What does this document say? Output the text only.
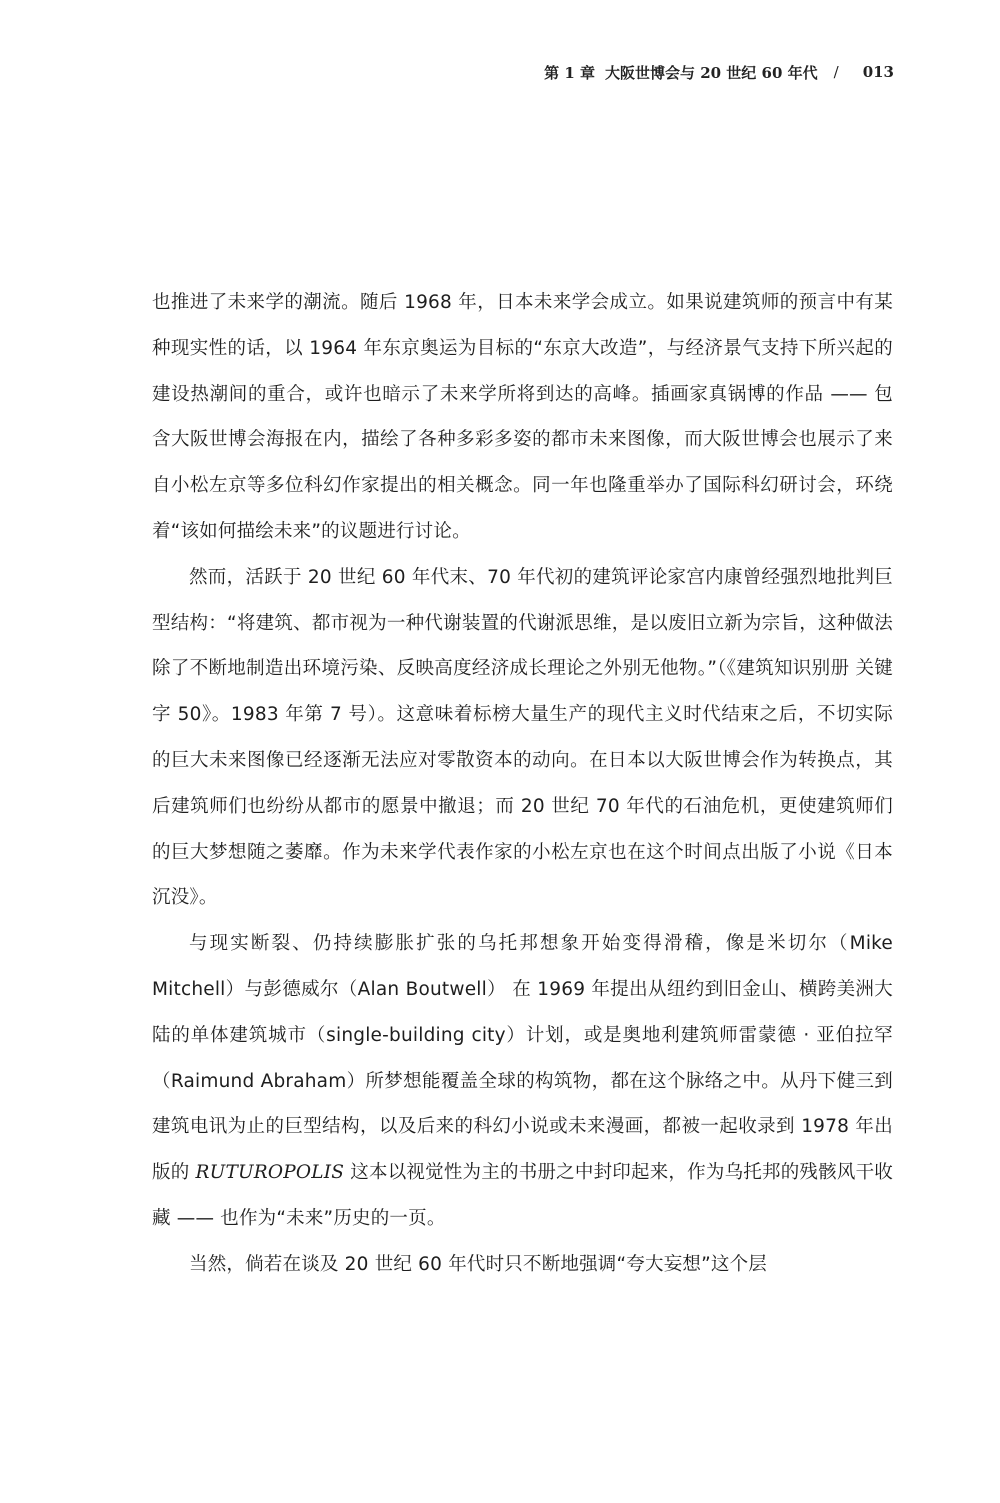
第 1 章 大阪世博会与 20 世纪 60 年代 / 013

也推进了未来学的潮流。随后 1968 年，日本未来学会成立。如果说建筑师的预言中有某种现实性的话，以 1964 年东京奥运为目标的“东京大改造”，与经济景气支持下所兴起的建设热潮间的重合，或许也暗示了未来学所将到达的高峰。插画家真锅博的作品 —— 包含大阪世博会海报在内，描绘了各种多彩多姿的都市未来图像，而大阪世博会也展示了来自小松左京等多位科幻作家提出的相关概念。同一年也隆重举办了国际科幻研讨会，环绕着“该如何描绘未来”的议题进行讨论。

然而，活跃于 20 世纪 60 年代末、70 年代初的建筑评论家宫内康曾经强烈地批判巨型结构：“将建筑、都市视为一种代谢装置的代谢派思维，是以废旧立新为宗旨，这种做法除了不断地制造出环境污染、反映高度经济成长理论之外别无他物。”（《建筑知识别册 关键字 50》。1983 年第 7 号）。这意味着标榜大量生产的现代主义时代结束之后，不切实际的巨大未来图像已经逐渐无法应对零散资本的动向。在日本以大阪世博会作为转换点，其后建筑师们也纷纷从都市的愿景中撤退；而 20 世纪 70 年代的石油危机，更使建筑师们的巨大梦想随之萎靡。作为未来学代表作家的小松左京也在这个时间点出版了小说《日本沉没》。

与现实断裂、仍持续膨胀扩张的乌托邦想象开始变得滑稽，像是米切尔（Mike Mitchell）与彭德威尔（Alan Boutwell） 在 1969 年提出从纽约到旧金山、横跨美洲大陆的单体建筑城市（single-building city）计划，或是奥地利建筑师雷蒙德 · 亚伯拉罕（Raimund Abraham）所梦想能覆盖全球的构筑物，都在这个脉络之中。从丹下健三到建筑电讯为止的巨型结构，以及后来的科幻小说或未来漫画，都被一起收录到 1978 年出版的 RUTUROPOLIS 这本以视觉性为主的书册之中封印起来，作为乌托邦的残骸风干收藏 —— 也作为“未来”历史的一页。

当然，倘若在谈及 20 世纪 60 年代时只不断地强调“夸大妄想”这个层
